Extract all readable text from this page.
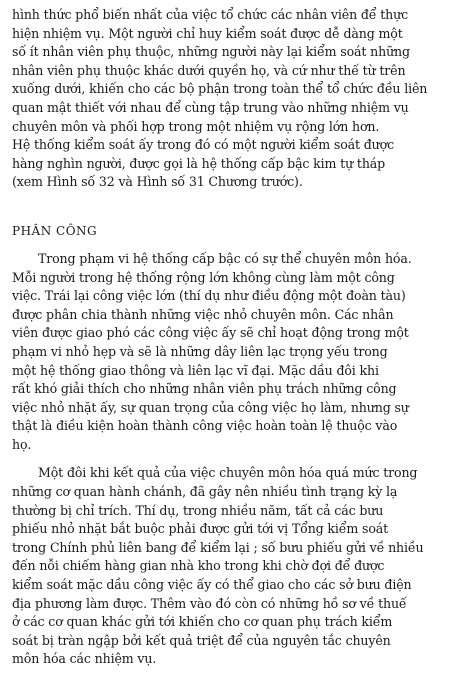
hình thức phổ biến nhất của việc tổ chức các nhân viên để thực
hiện nhiệm vụ. Một người chỉ huy kiểm soát được dễ dàng một
số ít nhân viên phụ thuộc, những người này lại kiểm soát những
nhân viên phụ thuộc khác dưới quyền họ, và cứ như thế từ trên
xuống dưới, khiến cho các bộ phận trong toàn thể tổ chức đều liên
quan mật thiết với nhau để cùng tập trung vào những nhiệm vụ
chuyên môn và phối hợp trong một nhiệm vụ rộng lớn hơn.
Hệ thống kiểm soát ấy trong đó có một người kiểm soát được
hàng nghìn người, được gọi là hệ thống cấp bậc kim tự tháp
(xem Hình số 32 và Hình số 31 Chương trước).
PHÂN CÔNG
Trong phạm vi hệ thống cấp bậc có sự thể chuyên môn hóa.
Mỗi người trong hệ thống rộng lớn không cùng làm một công
việc. Trái lại công việc lớn (thí dụ như điều động một đoàn tàu)
được phân chia thành những việc nhỏ chuyên môn. Các nhân
viên được giao phó các công việc ấy sẽ chỉ hoạt động trong một
phạm vi nhỏ hẹp và sẽ là những dây liên lạc trọng yếu trong
một hệ thống giao thông và liên lạc vĩ đại. Mặc dầu đôi khi
rất khó giải thích cho những nhân viên phụ trách những công
việc nhỏ nhặt ấy, sự quan trọng của công việc họ làm, nhưng sự
thật là điều kiện hoàn thành công việc hoàn toàn lệ thuộc vào
họ.
Một đôi khi kết quả của việc chuyên môn hóa quá mức trong
những cơ quan hành chánh, đã gây nên nhiều tình trạng kỳ lạ
thường bị chỉ trích. Thí dụ, trong nhiều năm, tất cả các bưu
phiếu nhỏ nhặt bắt buộc phải được gửi tới vị Tổng kiểm soát
trong Chính phủ liên bang để kiểm lại ; số bưu phiếu gửi về nhiều
đến nỗi chiếm hàng gian nhà kho trong khi chờ đợi để được
kiểm soát mặc dầu công việc ấy có thể giao cho các sở bưu điện
địa phương làm được. Thêm vào đó còn có những hồ sơ về thuế
ở các cơ quan khác gửi tới khiến cho cơ quan phụ trách kiểm
soát bị tràn ngập bởi kết quả triệt để của nguyên tắc chuyên
môn hóa các nhiệm vụ.
